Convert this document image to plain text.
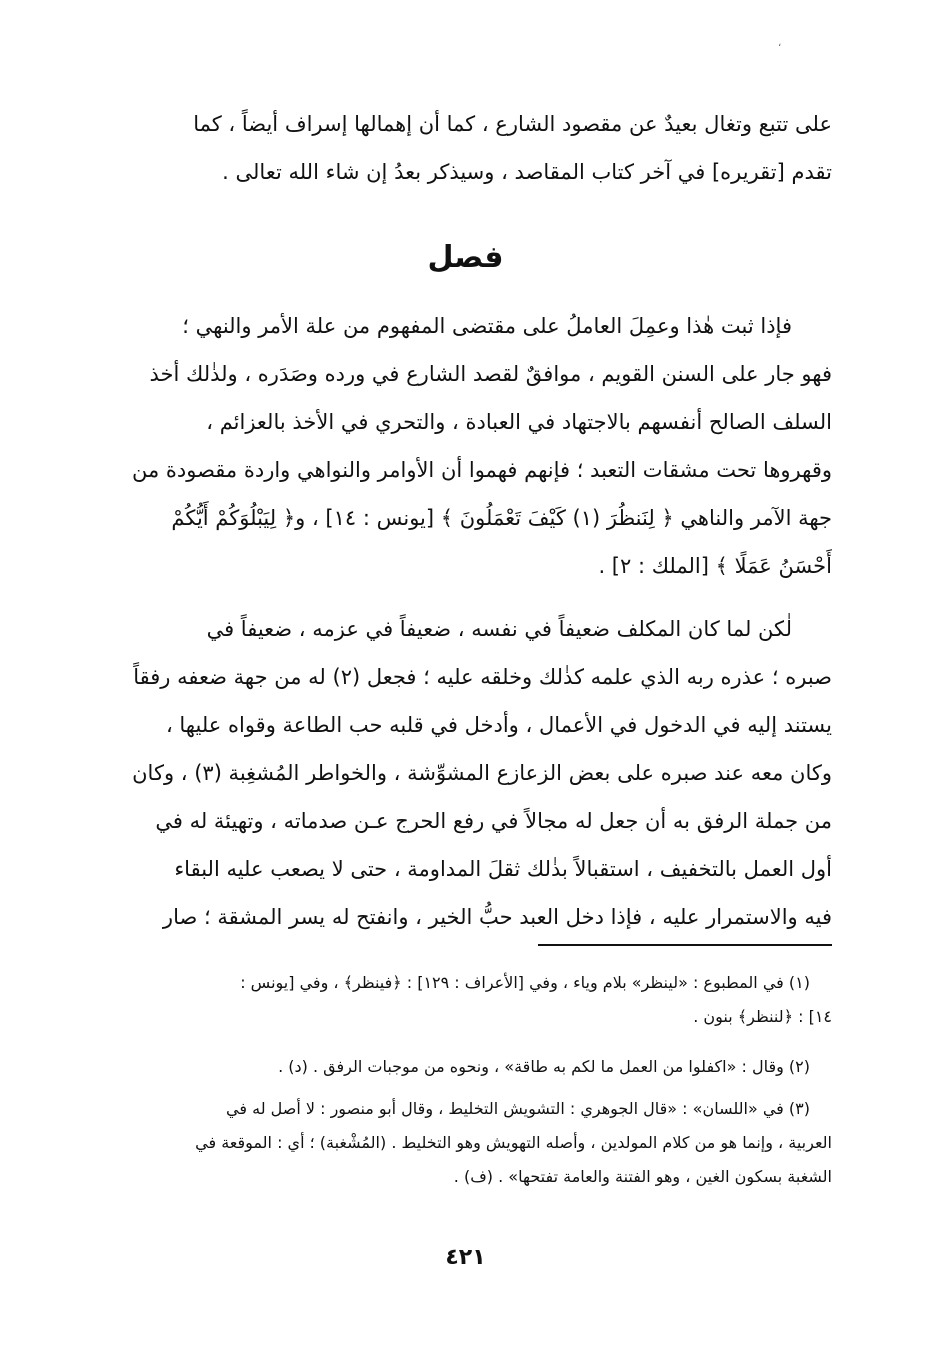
،
على تتبع وتغال بعيدٌ عن مقصود الشارع ، كما أن إهمالها إسراف أيضاً ، كما
تقدم [تقريره] في آخر كتاب المقاصد ، وسيذكر بعدُ إن شاء الله تعالى .
فصل
فإذا ثبت هٰذا وعمِلَ العاملُ على مقتضى المفهوم من علة الأمر والنهي ؛
فهو جار على السنن القويم ، موافقٌ لقصد الشارع في ورده وصَدَره ، ولذٰلك أخذ
السلف الصالح أنفسهم بالاجتهاد في العبادة ، والتحري في الأخذ بالعزائم ،
وقهروها تحت مشقات التعبد ؛ فإنهم فهموا أن الأوامر والنواهي واردة مقصودة من
جهة الآمر والناهي ﴿ لِنَنظُرَ (١) كَيْفَ تَعْمَلُونَ ﴾ [يونس : ١٤] ، و﴿ لِيَبْلُوَكُمْ أَيُّكُمْ
أَحْسَنُ عَمَلًا ﴾ [الملك : ٢] .
لٰكن لما كان المكلف ضعيفاً في نفسه ، ضعيفاً في عزمه ، ضعيفاً في
صبره ؛ عذره ربه الذي علمه كذٰلك وخلقه عليه ؛ فجعل (٢) له من جهة ضعفه رفقاً
يستند إليه في الدخول في الأعمال ، وأدخل في قلبه حب الطاعة وقواه عليها ،
وكان معه عند صبره على بعض الزعازع المشوِّشة ، والخواطر المُشغِبة (٣) ، وكان
من جملة الرفق به أن جعل له مجالاً في رفع الحرج عـن صدماته ، وتهيئة له في
أول العمل بالتخفيف ، استقبالاً بذٰلك ثقلَ المداومة ، حتى لا يصعب عليه البقاء
فيه والاستمرار عليه ، فإذا دخل العبد حبُّ الخير ، وانفتح له يسر المشقة ؛ صار
(١) في المطبوع : «لينظر» بلام وياء ، وفي [الأعراف : ١٢٩] : ﴿فينظر﴾ ، وفي [يونس :
١٤] : ﴿لننظر﴾ بنون .
(٢) وقال : «اكفلوا من العمل ما لكم به طاقة» ، ونحوه من موجبات الرفق . (د) .
(٣) في «اللسان» : «قال الجوهري : التشويش التخليط ، وقال أبو منصور : لا أصل له في
العربية ، وإنما هو من كلام المولدين ، وأصله التهويش وهو التخليط . (المُشْغبة) ؛ أي : الموقعة في
الشغبة بسكون الغين ، وهو الفتنة والعامة تفتحها» . (ف) .
٤٢١
